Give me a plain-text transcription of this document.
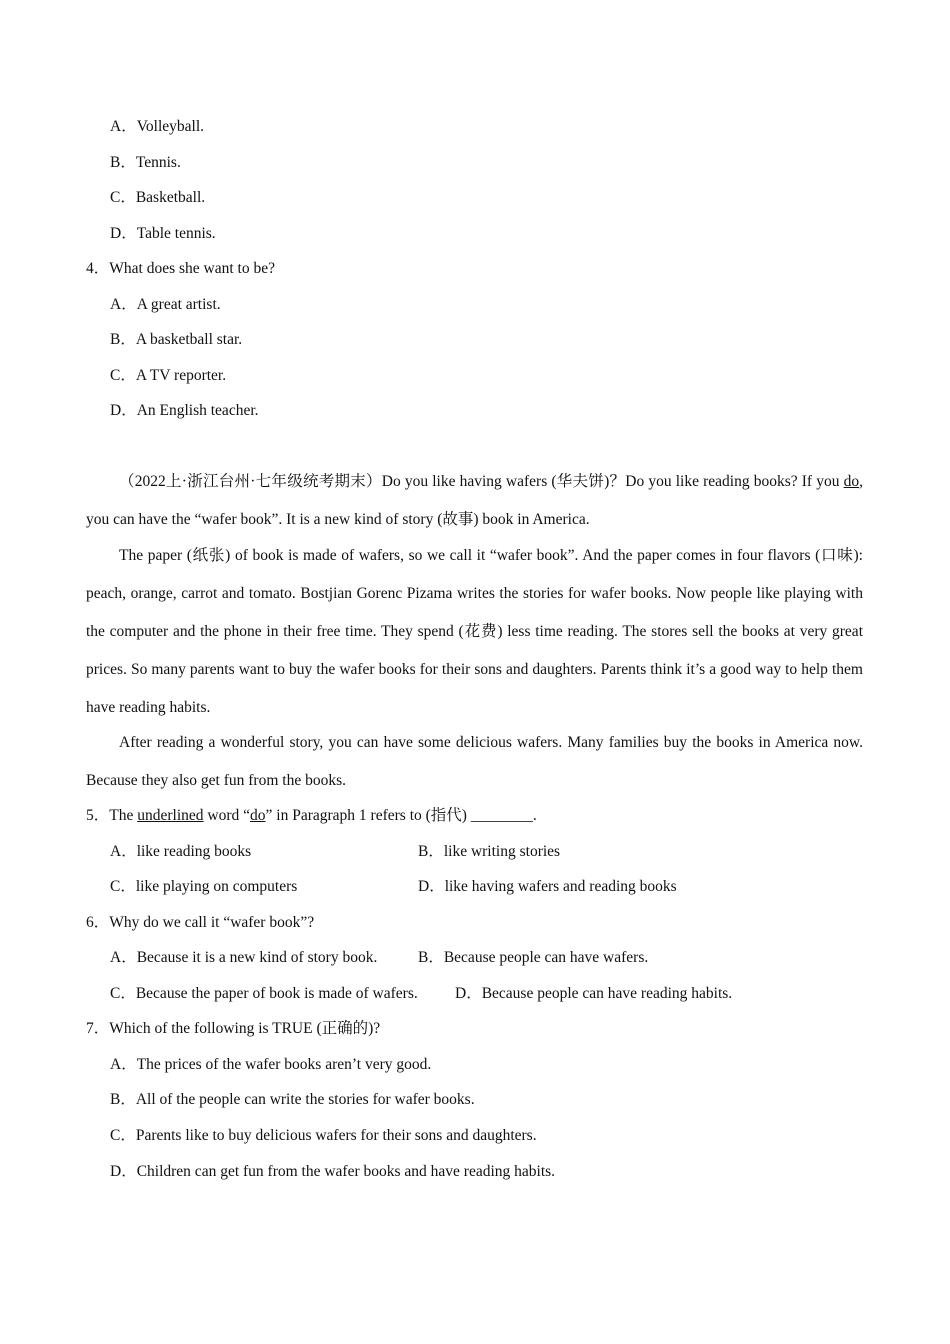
A．Volleyball.
B．Tennis.
C．Basketball.
D．Table tennis.
4．What does she want to be?
A．A great artist.
B．A basketball star.
C．A TV reporter.
D．An English teacher.
（2022上·浙江台州·七年级统考期末）Do you like having wafers (华夫饼)？Do you like reading books? If you do, you can have the “wafer book”. It is a new kind of story (故事) book in America.
The paper (纸张) of book is made of wafers, so we call it “wafer book”. And the paper comes in four flavors (口味): peach, orange, carrot and tomato. Bostjian Gorenc Pizama writes the stories for wafer books. Now people like playing with the computer and the phone in their free time. They spend (花费) less time reading. The stores sell the books at very great prices. So many parents want to buy the wafer books for their sons and daughters. Parents think it’s a good way to help them have reading habits.
After reading a wonderful story, you can have some delicious wafers. Many families buy the books in America now. Because they also get fun from the books.
5．The underlined word “do” in Paragraph 1 refers to (指代) ________.
A．like reading books	B．like writing stories
C．like playing on computers	D．like having wafers and reading books
6．Why do we call it “wafer book”?
A．Because it is a new kind of story book.	B．Because people can have wafers.
C．Because the paper of book is made of wafers. D．Because people can have reading habits.
7．Which of the following is TRUE (正确的)?
A．The prices of the wafer books aren’t very good.
B．All of the people can write the stories for wafer books.
C．Parents like to buy delicious wafers for their sons and daughters.
D．Children can get fun from the wafer books and have reading habits.
